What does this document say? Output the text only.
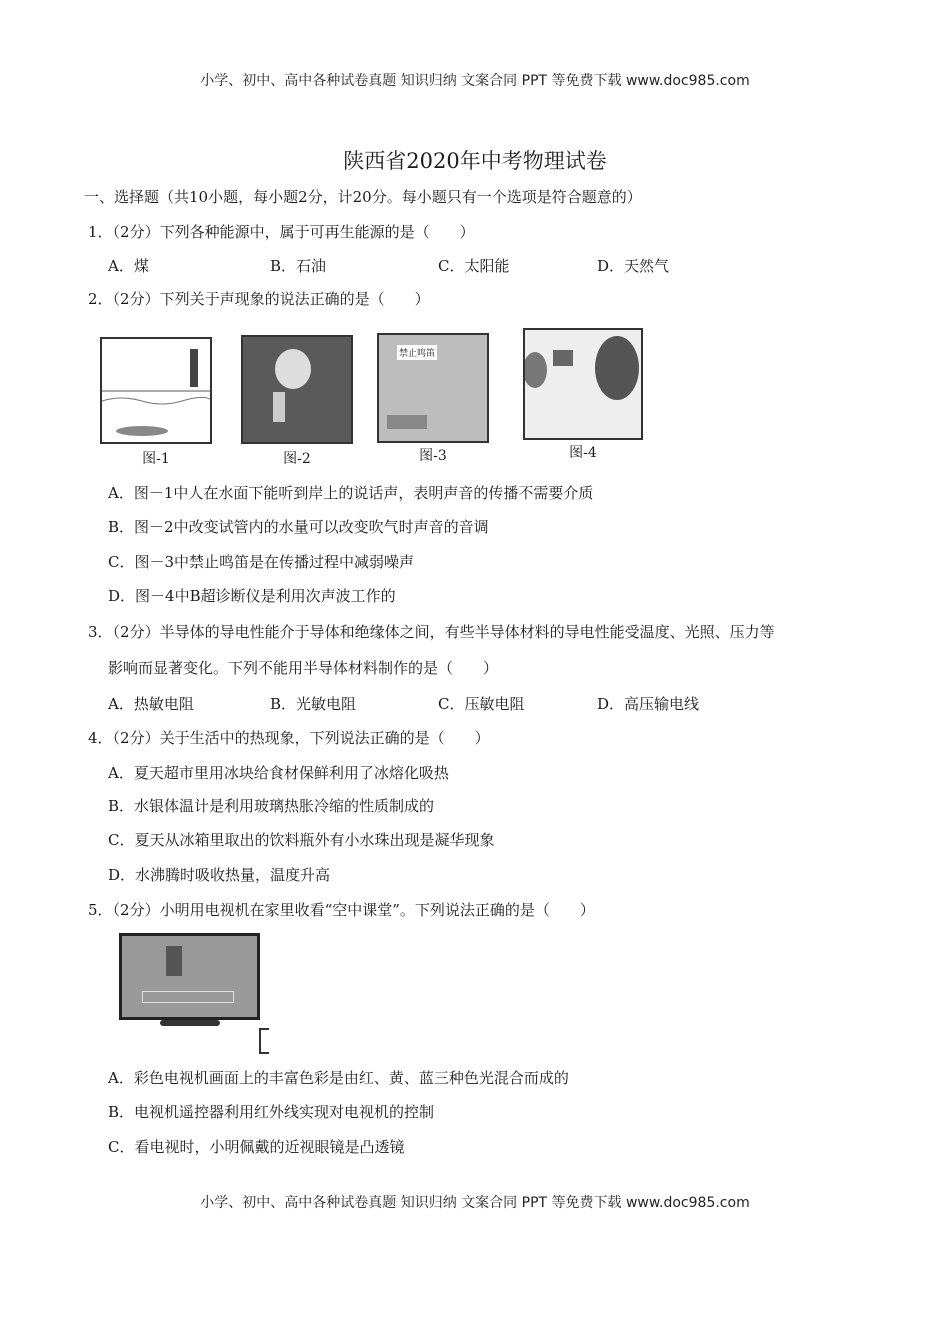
小学、初中、高中各种试卷真题 知识归纳 文案合同 PPT 等免费下载 www.doc985.com
陕西省2020年中考物理试卷
一、选择题（共10小题，每小题2分，计20分。每小题只有一个选项是符合题意的）
1．（2分）下列各种能源中，属于可再生能源的是（　　）
A．煤	B．石油	C．太阳能	D．天然气
2．（2分）下列关于声现象的说法正确的是（　　）
禁止鸣笛
图-1	图-2	图-3	图-4
A．图－1中人在水面下能听到岸上的说话声，表明声音的传播不需要介质
B．图－2中改变试管内的水量可以改变吹气时声音的音调
C．图－3中禁止鸣笛是在传播过程中减弱噪声
D．图－4中B超诊断仪是利用次声波工作的
3．（2分）半导体的导电性能介于导体和绝缘体之间，有些半导体材料的导电性能受温度、光照、压力等
影响而显著变化。下列不能用半导体材料制作的是（　　）
A．热敏电阻	B．光敏电阻	C．压敏电阻	D．高压输电线
4．（2分）关于生活中的热现象，下列说法正确的是（　　）
A．夏天超市里用冰块给食材保鲜利用了冰熔化吸热
B．水银体温计是利用玻璃热胀冷缩的性质制成的
C．夏天从冰箱里取出的饮料瓶外有小水珠出现是凝华现象
D．水沸腾时吸收热量，温度升高
5．（2分）小明用电视机在家里收看“空中课堂”。下列说法正确的是（　　）
A．彩色电视机画面上的丰富色彩是由红、黄、蓝三种色光混合而成的
B．电视机遥控器利用红外线实现对电视机的控制
C．看电视时，小明佩戴的近视眼镜是凸透镜
小学、初中、高中各种试卷真题 知识归纳 文案合同 PPT 等免费下载 www.doc985.com
